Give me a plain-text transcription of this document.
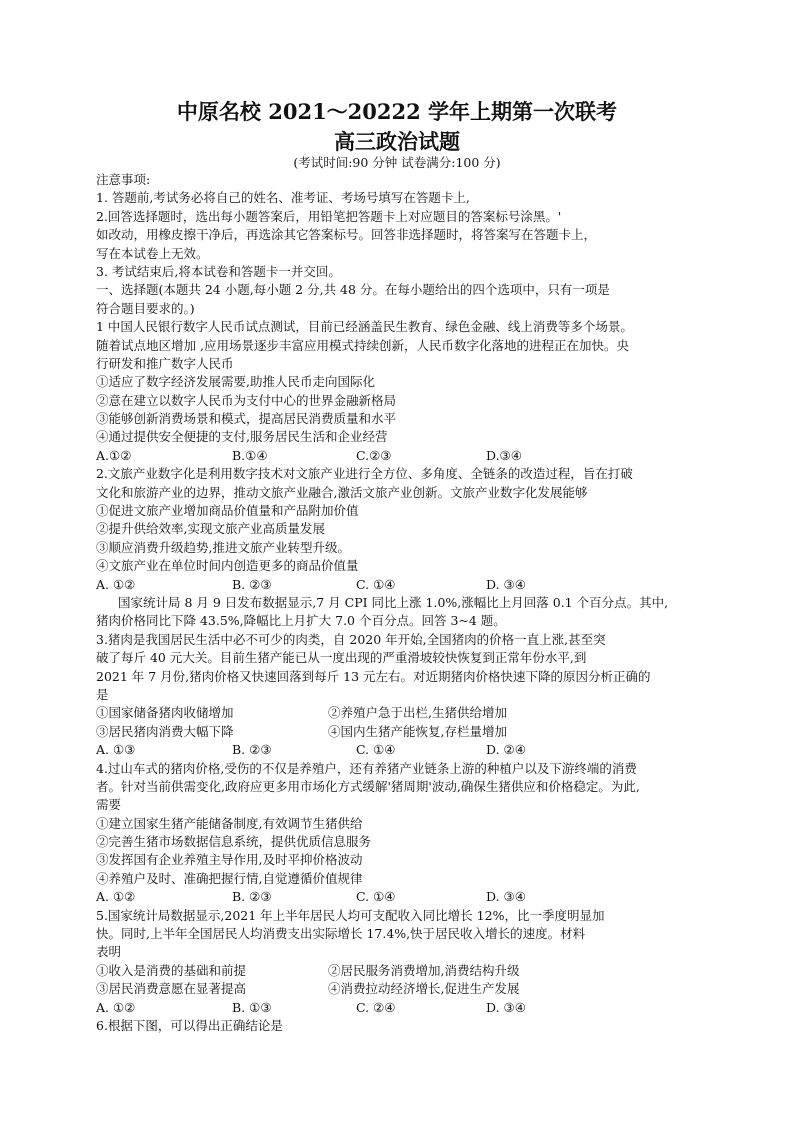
中原名校 2021～20222 学年上期第一次联考
高三政治试题
(考试时间:90 分钟 试卷满分:100 分)
注意事项:
1. 答题前,考试务必将自己的姓名、准考证、考场号填写在答题卡上,
2.回答选择题时，选出每小题答案后，用铅笔把答题卡上对应题目的答案标号涂黑。'
如改动，用橡皮擦干净后，再选涂其它答案标号。回答非选择题时，将答案写在答题卡上，
写在本试卷上无效。
3. 考试结束后,将本试卷和答题卡一并交回。
一、选择题(本题共 24 小题,每小题 2 分,共 48 分。在每小题给出的四个选项中，只有一项是
符合题目要求的。)
1 中国人民银行数字人民币试点测试，目前已经涵盖民生教育、绿色金融、线上消费等多个场景。
随着试点地区增加 ,应用场景逐步丰富应用模式持续创新，人民币数字化落地的进程正在加快。央
行研发和推广数字人民币
①适应了数字经济发展需要,助推人民币走向国际化
②意在建立以数字人民币为支付中心的世界金融新格局
③能够创新消费场景和模式，提高居民消费质量和水平
④通过提供安全便捷的支付,服务居民生活和企业经营
A.①②	B.①④	C.②③	D.③④
2.文旅产业数字化是利用数字技术对文旅产业进行全方位、多角度、全链条的改造过程，旨在打破
文化和旅游产业的边界，推动文旅产业融合,激活文旅产业创新。文旅产业数字化发展能够
①促进文旅产业增加商品价值量和产品附加价值
②提升供给效率,实现文旅产业高质量发展
③顺应消费升级趋势,推进文旅产业转型升级。
④文旅产业在单位时间内创造更多的商品价值量
A. ①②	B. ②③	C. ①④	D. ③④
国家统计局 8 月 9 日发布数据显示,7 月 CPI 同比上涨 1.0%,涨幅比上月回落 0.1 个百分点。其中,
猪肉价格同比下降 43.5%,降幅比上月扩大 7.0 个百分点。回答 3~4 题。
3.猪肉是我国居民生活中必不可少的肉类，自 2020 年开始,全国猪肉的价格一直上涨,甚至突
破了每斤 40 元大关。目前生猪产能已从一度出现的严重滑坡较快恢复到正常年份水平,到
2021 年 7 月份,猪肉价格又快速回落到每斤 13 元左右。对近期猪肉价格快速下降的原因分析正确的
是
①国家储备猪肉收储增加	②养殖户急于出栏,生猪供给增加
③居民猪肉消费大幅下降	④国内生猪产能恢复,存栏量增加
A. ①③	B. ②③	C. ①④	D. ②④
4.过山车式的猪肉价格,受伤的不仅是养殖户，还有养猪产业链条上游的种植户以及下游终端的消费
者。针对当前供需变化,政府应更多用市场化方式缓解'猪周期'波动,确保生猪供应和价格稳定。为此,
需要
①建立国家生猪产能储备制度,有效调节生猪供给
②完善生猪市场数据信息系统，提供优质信息服务
③发挥国有企业养殖主导作用,及时平抑价格波动
④养殖户及时、准确把握行情,自觉遵循价值规律
A. ①②	B. ②③	C. ①④	D. ③④
5.国家统计局数据显示,2021 年上半年居民人均可支配收入同比增长 12%，比一季度明显加
快。同时,上半年全国居民人均消费支出实际增长 17.4%,快于居民收入增长的速度。材料
表明
①收入是消费的基础和前提	②居民服务消费增加,消费结构升级
③居民消费意愿在显著提高	④消费拉动经济增长,促进生产发展
A. ①②	B. ①③	C. ②④	D. ③④
6.根据下图，可以得出正确结论是
